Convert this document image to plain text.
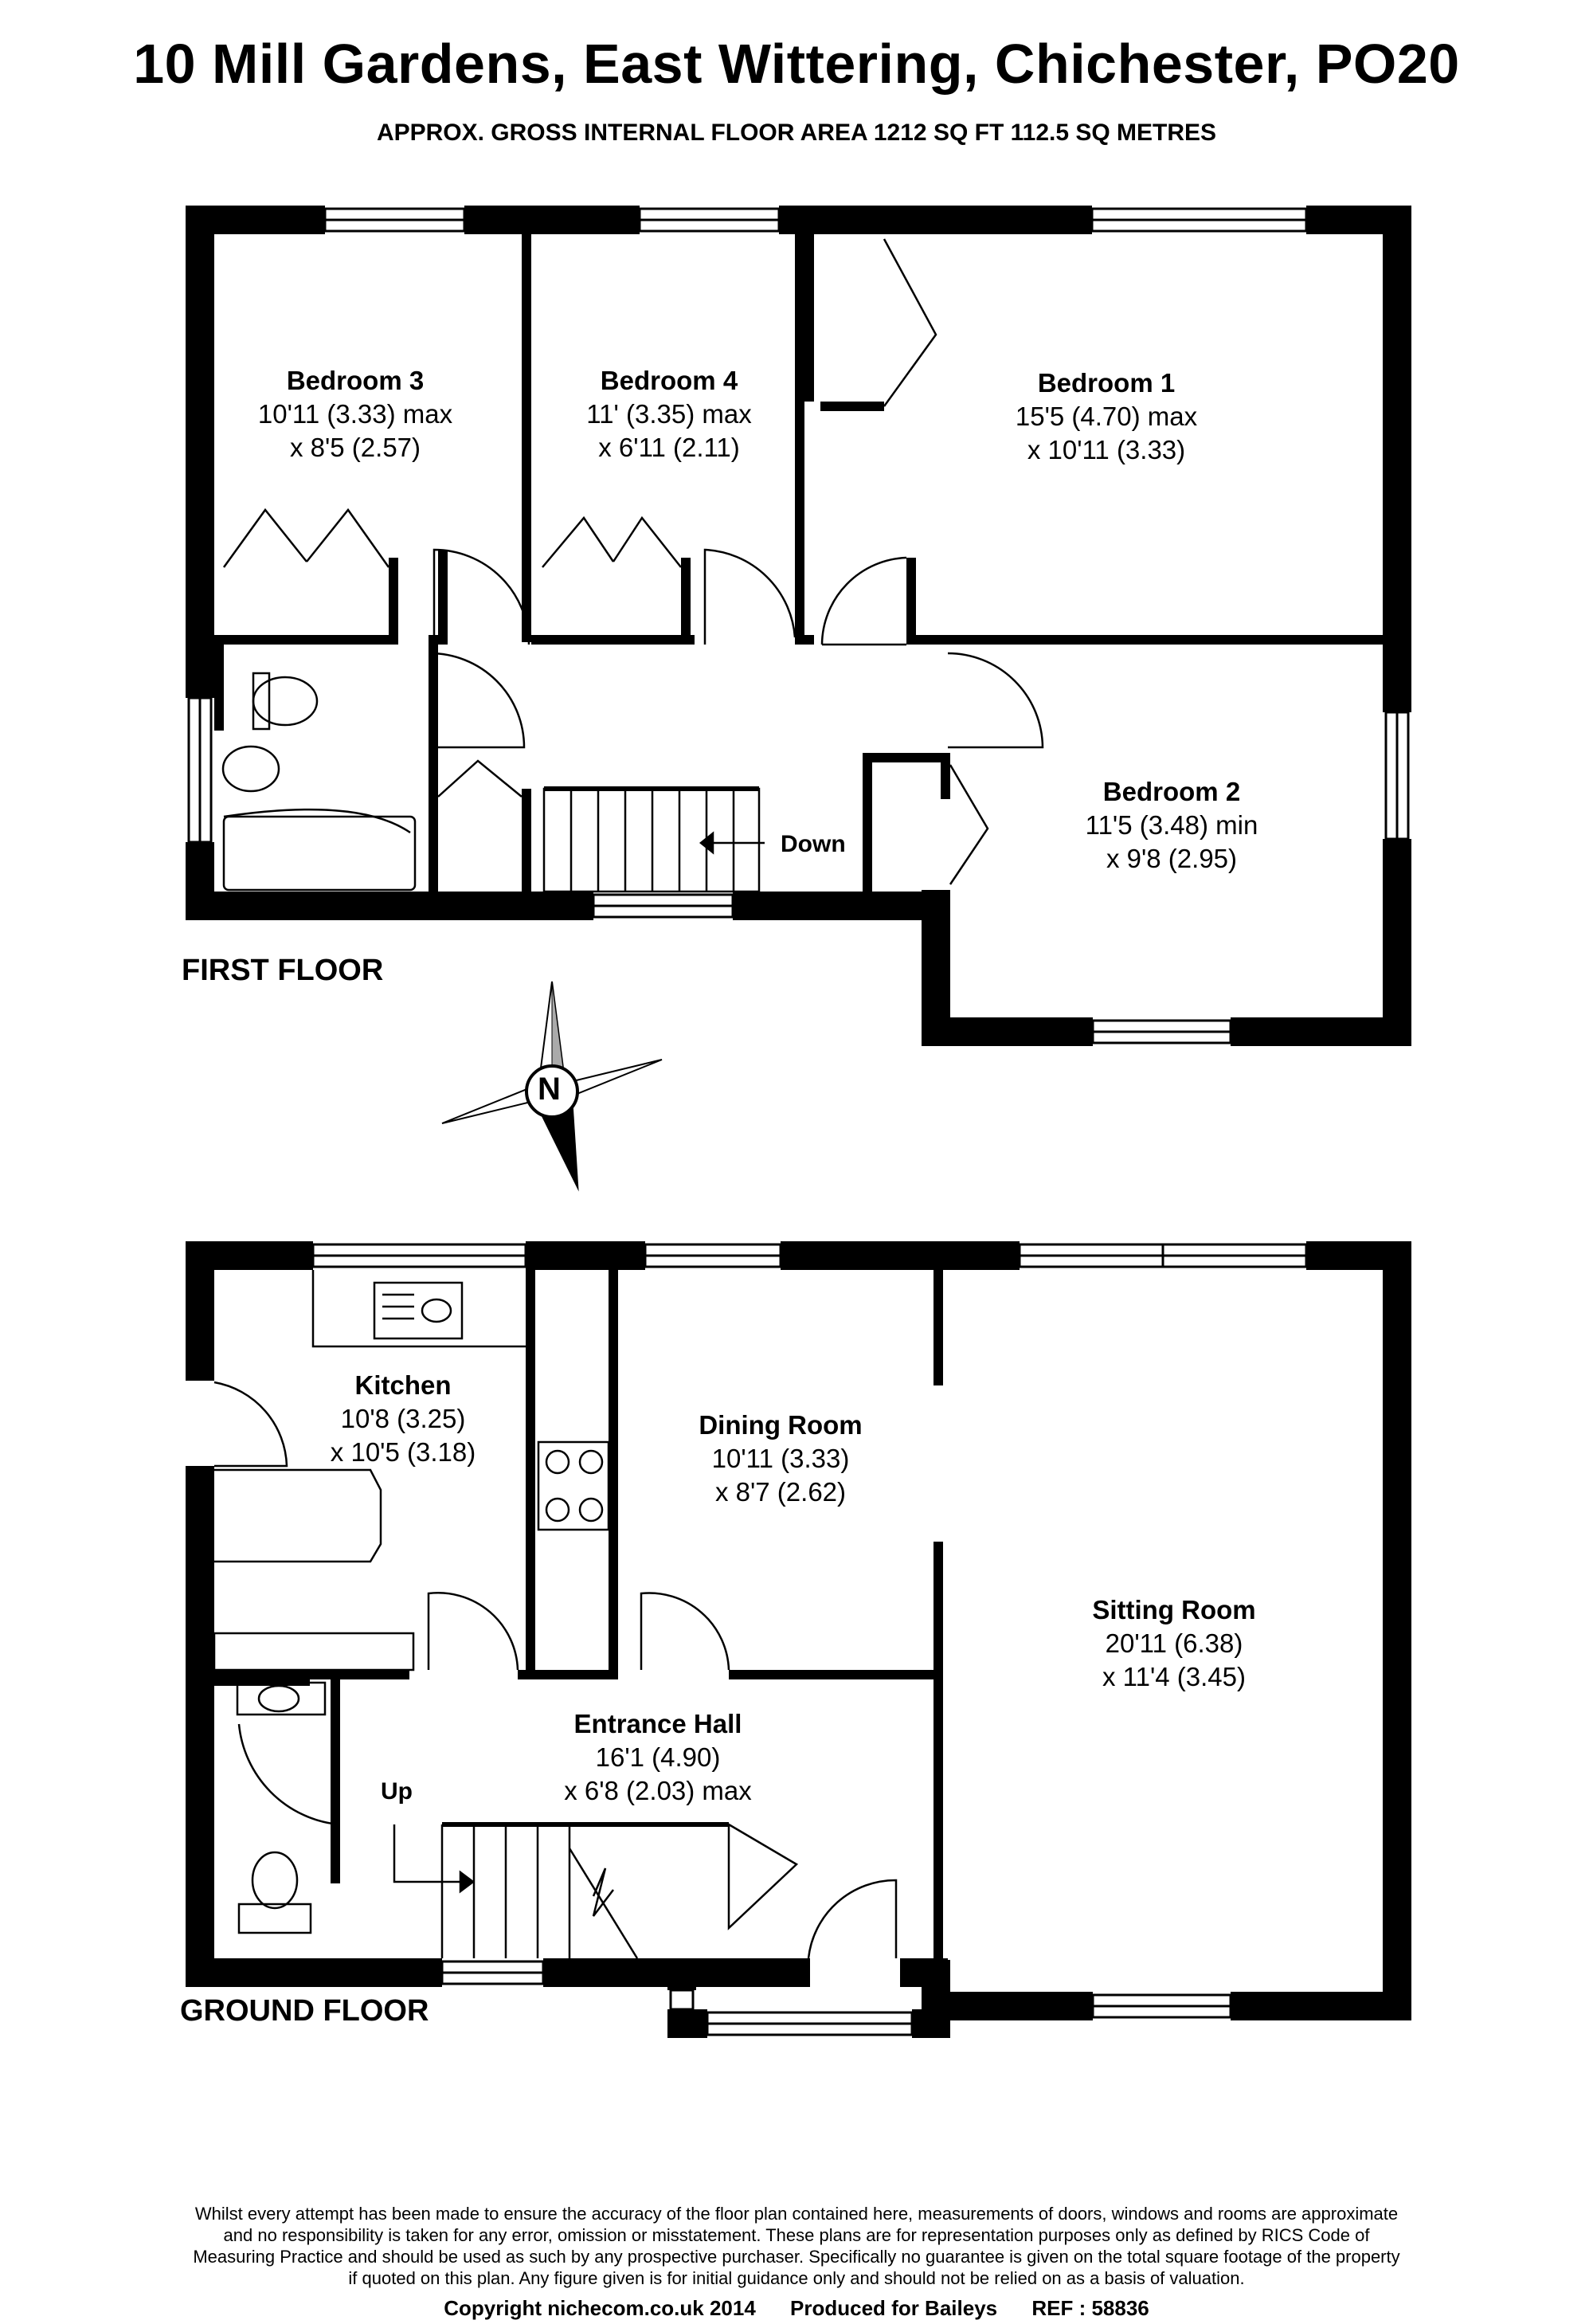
10 Mill Gardens, East Wittering, Chichester, PO20
APPROX. GROSS INTERNAL FLOOR AREA 1212 SQ FT 112.5 SQ METRES
N
Bedroom 3
10'11 (3.33) max
x 8'5 (2.57)
Bedroom 4
11' (3.35) max
x 6'11 (2.11)
Bedroom 1
15'5 (4.70) max
x 10'11 (3.33)
Bedroom 2
11'5 (3.48) min
x 9'8 (2.95)
Down
FIRST FLOOR
Kitchen
10'8 (3.25)
x 10'5 (3.18)
Dining Room
10'11 (3.33)
x 8'7 (2.62)
Sitting Room
20'11 (6.38)
x 11'4 (3.45)
Entrance Hall
16'1 (4.90)
x 6'8 (2.03) max
Up
GROUND FLOOR
Whilst every attempt has been made to ensure the accuracy of the floor plan contained here, measurements of doors, windows and rooms are approximate and no responsibility is taken for any error, omission or misstatement. These plans are for representation purposes only as defined by RICS Code of Measuring Practice and should be used as such by any prospective purchaser. Specifically no guarantee is given on the total square footage of the property if quoted on this plan. Any figure given is for initial guidance only and should not be relied on as a basis of valuation.
Copyright nichecom.co.uk 2014 Produced for Baileys REF : 58836
